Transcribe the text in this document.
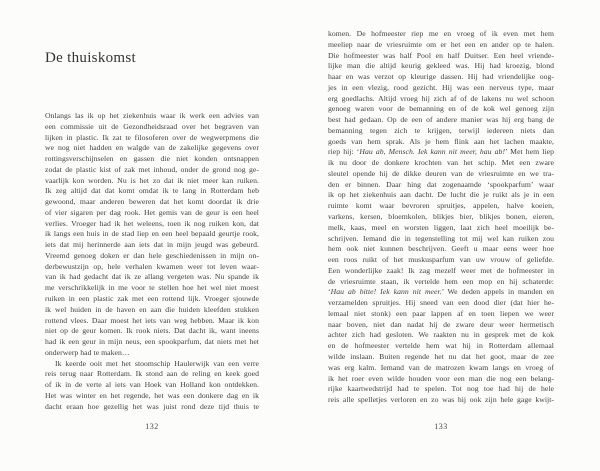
De thuiskomst
Onlangs las ik op het ziekenhuis waar ik werk een advies van
een commissie uit de Gezondheidsraad over het begraven van
lijken in plastic. Ik zat te filosoferen over de wegwerpmens die
we nog niet hadden en walgde van de zakelijke gegevens over
rottingsverschijnselen en gassen die niet konden ontsnappen
zodat de plastic kist of zak met inhoud, onder de grond nog ge-
vaarlijk kon worden. Nu is het zo dat ik niet meer kan ruiken.
Ik zeg altijd dat dat komt omdat ik te lang in Rotterdam heb
gewoond, maar anderen beweren dat het komt doordat ik drie
of vier sigaren per dag rook. Het gemis van de geur is een heel
verlies. Vroeger had ik het weleens, toen ik nog ruiken kon, dat
ik langs een huis in de stad liep en een heel bepaald geurtje rook,
iets dat mij herinnerde aan iets dat in mijn jeugd was gebeurd.
Vreemd genoeg doken er dan hele geschiedenissen in mijn on-
derbewustzijn op, hele verhalen kwamen weer tot leven waar-
van ik had gedacht dat ik ze allang vergeten was. Nu spande ik
me verschrikkelijk in me voor te stellen hoe het wel niet moest
ruiken in een plastic zak met een rottend lijk. Vroeger sjouwde
ik wel huiden in de haven en aan die huiden kleefden stukken
rottend vlees. Daar moest het iets van weg hebben. Maar ik kon
niet op de geur komen. Ik rook niets. Dat dacht ik, want ineens
had ik een geur in mijn neus, een spookparfum, dat niets met het
onderwerp had te maken…
Ik keerde ooit met het stoomschip Haulerwijk van een verre
reis terug naar Rotterdam. Ik stond aan de reling en keek goed
of ik in de verte al iets van Hoek van Holland kon ontdekken.
Het was winter en het regende, het was een donkere dag en ik
dacht eraan hoe gezellig het was juist rond deze tijd thuis te
132
komen. De hofmeester riep me en vroeg of ik even met hem
meeliep naar de vriesruimte om er het een en ander op te halen.
Die hofmeester was half Pool en half Duitser. Een heel vriende-
lijke man die altijd keurig gekleed was. Hij had kroezig, blond
haar en was verzot op kleurige dassen. Hij had vriendelijke oog-
jes in een vlezig, rood gezicht. Hij was een nerveus type, maar
erg goedlachs. Altijd vroeg hij zich af of de lakens nu wel schoon
genoeg waren voor de bemanning en of de kok wel genoeg zijn
best had gedaan. Op de een of andere manier was hij erg bang de
bemanning tegen zich te krijgen, terwijl iedereen niets dan
goeds van hem sprak. Als je hem flink aan het lachen maakte,
riep hij: ‘Hau ab, Mensch. Iek kann nit meer, hau ab!’ Met hem liep
ik nu door de donkere krochten van het schip. Met een zware
sleutel opende hij de dikke deuren van de vriesruimte en we tra-
den er binnen. Daar hing dat zogenaamde ‘spookparfum’ waar
ik op het ziekenhuis aan dacht. De lucht die je ruikt als je in een
ruimte komt waar bevroren spruitjes, appelen, halve koeien,
varkens, kersen, bloemkolen, blikjes bier, blikjes bonen, eieren,
melk, kaas, meel en worsten liggen, laat zich heel moeilijk be-
schrijven. Iemand die in tegenstelling tot mij wel kan ruiken zou
hem ook niet kunnen beschrijven. Geeft u maar eens weer hoe
een roos ruikt of het muskusparfum van uw vrouw of geliefde.
Een wonderlijke zaak! Ik zag mezelf weer met de hofmeester in
de vriesruimte staan, ik vertelde hem een mop en hij schaterde:
‘Hau ab bitte! Iek kann nit meer.’ We deden appels in manden en
verzamelden spruitjes. Hij sneed van een dood dier (dat hier he-
lemaal niet stonk) een paar lappen af en toen liepen we weer
naar boven, niet dan nadat hij de zware deur weer hermetisch
achter zich had gesloten. We raakten nu in gesprek met de kok
en de hofmeester vertelde hem wat hij in Rotterdam allemaal
wilde inslaan. Buiten regende het nu dat het goot, maar de zee
was erg kalm. Iemand van de matrozen kwam langs en vroeg of
ik het roer even wilde houden voor een man die nog een belang-
rijke kaartwedstrijd had te spelen. Tot nog toe had hij de hele
reis alle spelletjes verloren en zo was hij ook zijn hele gage kwijt-
133
